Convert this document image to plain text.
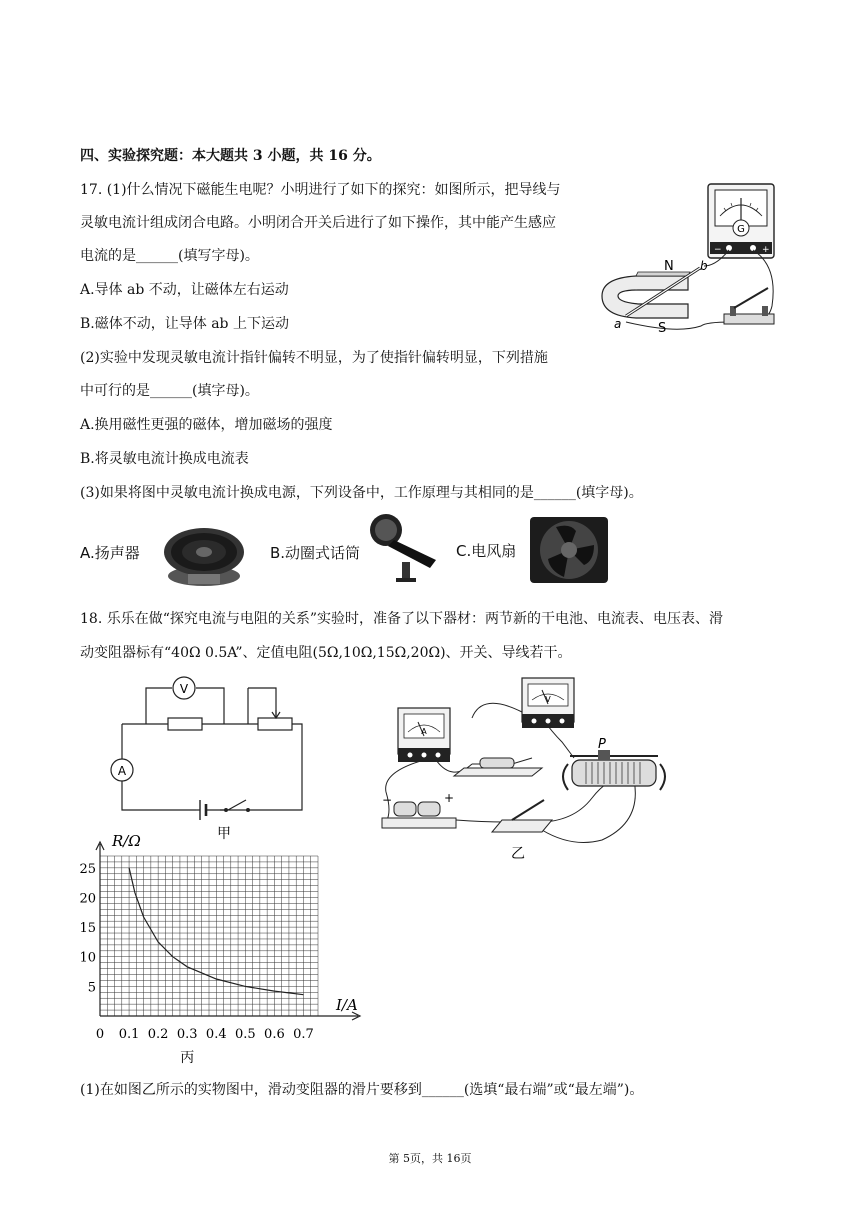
四、实验探究题：本大题共 3 小题，共 16 分。
17. (1)什么情况下磁能生电呢？小明进行了如下的探究：如图所示，把导线与
灵敏电流计组成闭合电路。小明闭合开关后进行了如下操作，其中能产生感应
电流的是______(填写字母)。
A.导体 ab 不动，让磁体左右运动
B.磁体不动，让导体 ab 上下运动
(2)实验中发现灵敏电流计指针偏转不明显，为了使指针偏转明显，下列措施
中可行的是______(填字母)。
A.换用磁性更强的磁体，增加磁场的强度
B.将灵敏电流计换成电流表
(3)如果将图中灵敏电流计换成电源，下列设备中，工作原理与其相同的是______(填字母)。
G
−	+
N
S
a
b
A.扬声器	B.动圈式话筒	C.电风扇
18. 乐乐在做“探究电流与电阻的关系”实验时，准备了以下器材：两节新的干电池、电流表、电压表、滑
动变阻器标有“40Ω 0.5A”、定值电阻(5Ω,10Ω,15Ω,20Ω)、开关、导线若干。
V
A
甲
A
V
P
−	+
乙
0 0.1 0.2 0.3 0.4 0.5 0.6 0.7
5
10
15
20
25
R/Ω
I/A
丙
(1)在如图乙所示的实物图中，滑动变阻器的滑片要移到______(选填“最右端”或“最左端”)。
第 5页，共 16页
